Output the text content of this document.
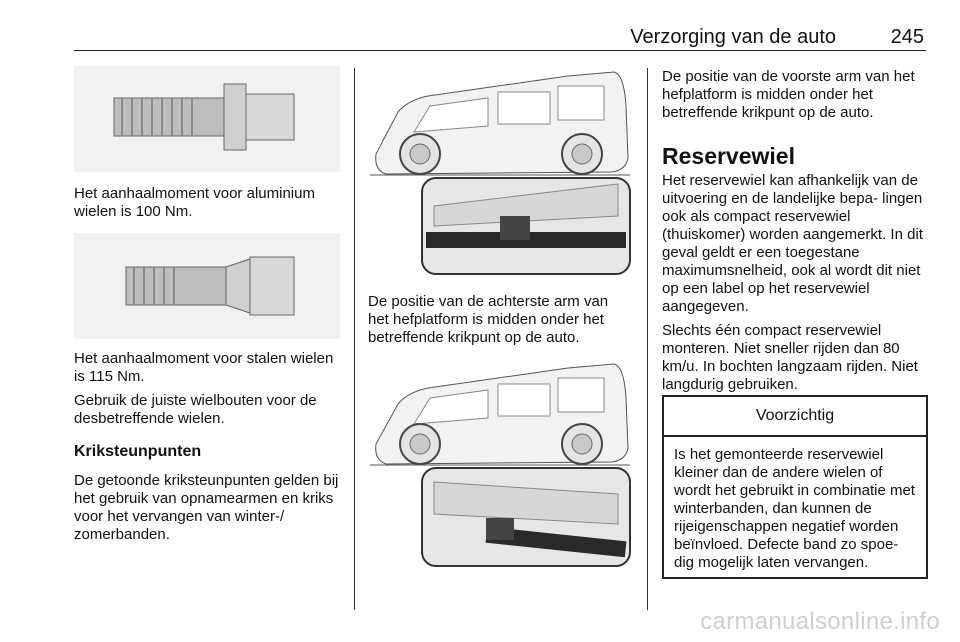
Verzorging van de auto	245

Het aanhaalmoment voor aluminium wielen is 100 Nm.

Het aanhaalmoment voor stalen wielen is 115 Nm.

Gebruik de juiste wielbouten voor de desbetreffende wielen.

Kriksteunpunten

De getoonde kriksteunpunten gelden bij het gebruik van opnamearmen en kriks voor het vervangen van winter-/ zomerbanden.

De positie van de achterste arm van het hefplatform is midden onder het betreffende krikpunt op de auto.

De positie van de voorste arm van het hefplatform is midden onder het betreffende krikpunt op de auto.

Reservewiel

Het reservewiel kan afhankelijk van de uitvoering en de landelijke bepa- lingen ook als compact reservewiel (thuiskomer) worden aangemerkt. In dit geval geldt er een toegestane maximumsnelheid, ook al wordt dit niet op een label op het reservewiel aangegeven.

Slechts één compact reservewiel monteren. Niet sneller rijden dan 80 km/u. In bochten langzaam rijden. Niet langdurig gebruiken.

Voorzichtig
Is het gemonteerde reservewiel kleiner dan de andere wielen of wordt het gebruikt in combinatie met winterbanden, dan kunnen de rijeigenschappen negatief worden beïnvloed. Defecte band zo spoe- dig mogelijk laten vervangen.
carmanualsonline.info
